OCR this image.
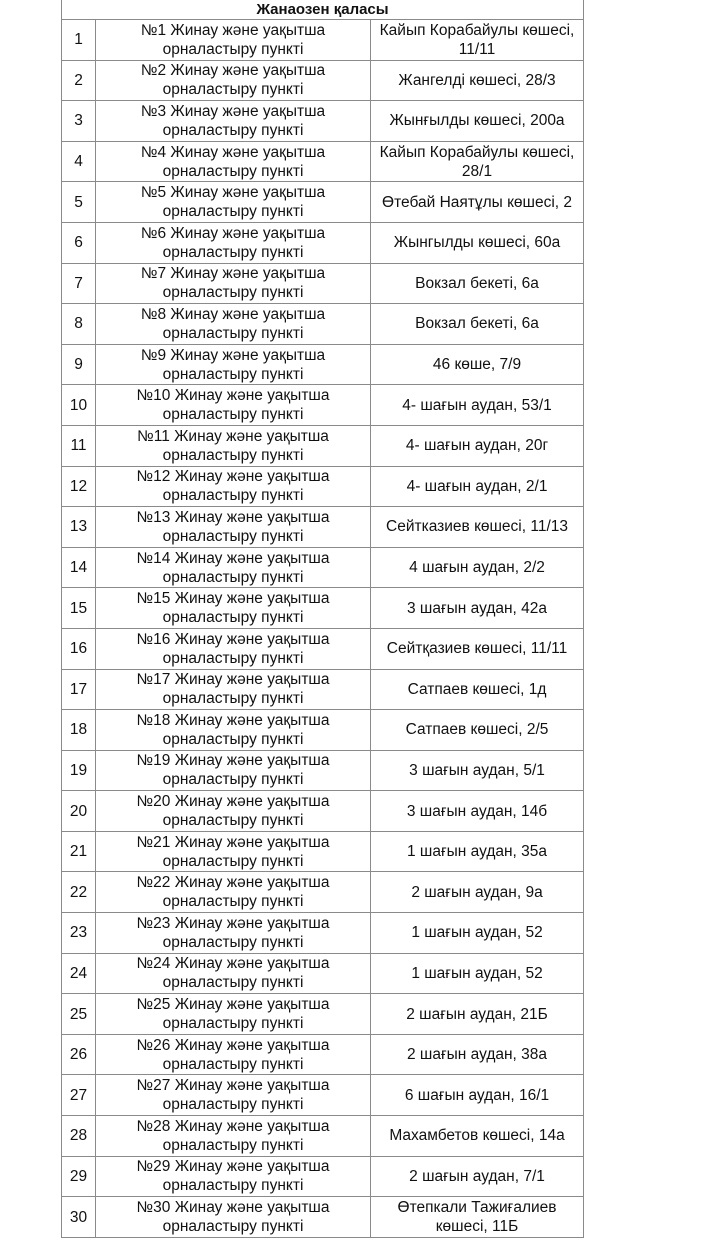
Жанаозен қаласы		
1	№1 Жинау және уақытша орналастыру пункті	Кайып Корабайулы көшесі, 11/11
2	№2 Жинау және уақытша орналастыру пункті	Жангелді көшесі, 28/3
3	№3 Жинау және уақытша орналастыру пункті	Жынғылды көшесі, 200а
4	№4 Жинау және уақытша орналастыру пункті	Кайып Корабайулы көшесі, 28/1
5	№5 Жинау және уақытша орналастыру пункті	Өтебай Наятұлы көшесі, 2
6	№6 Жинау және уақытша орналастыру пункті	Жынгылды көшесі, 60а
7	№7 Жинау және уақытша орналастыру пункті	Вокзал бекеті, 6а
8	№8 Жинау және уақытша орналастыру пункті	Вокзал бекеті, 6а
9	№9 Жинау және уақытша орналастыру пункті	46 көше, 7/9
10	№10 Жинау және уақытша орналастыру пункті	4- шағын аудан, 53/1
11	№11 Жинау және уақытша орналастыру пункті	4- шағын аудан, 20г
12	№12 Жинау және уақытша орналастыру пункті	4- шағын аудан, 2/1
13	№13 Жинау және уақытша орналастыру пункті	Сейтказиев көшесі, 11/13
14	№14 Жинау және уақытша орналастыру пункті	4 шағын аудан, 2/2
15	№15 Жинау және уақытша орналастыру пункті	3 шағын аудан, 42а
16	№16 Жинау және уақытша орналастыру пункті	Сейтқазиев көшесі, 11/11
17	№17 Жинау және уақытша орналастыру пункті	Сатпаев көшесі, 1д
18	№18 Жинау және уақытша орналастыру пункті	Сатпаев көшесі, 2/5
19	№19 Жинау және уақытша орналастыру пункті	3 шағын аудан, 5/1
20	№20 Жинау және уақытша орналастыру пункті	3 шағын аудан, 14б
21	№21 Жинау және уақытша орналастыру пункті	1 шағын аудан, 35а
22	№22 Жинау және уақытша орналастыру пункті	2 шағын аудан, 9а
23	№23 Жинау және уақытша орналастыру пункті	1 шағын аудан, 52
24	№24 Жинау және уақытша орналастыру пункті	1 шағын аудан, 52
25	№25 Жинау және уақытша орналастыру пункті	2 шағын аудан, 21Б
26	№26 Жинау және уақытша орналастыру пункті	2 шағын аудан, 38а
27	№27 Жинау және уақытша орналастыру пункті	6 шағын аудан, 16/1
28	№28 Жинау және уақытша орналастыру пункті	Махамбетов көшесі, 14а
29	№29 Жинау және уақытша орналастыру пункті	2 шағын аудан, 7/1
30	№30 Жинау және уақытша орналастыру пункті	Өтепкали Тажиғалиев көшесі, 11Б
